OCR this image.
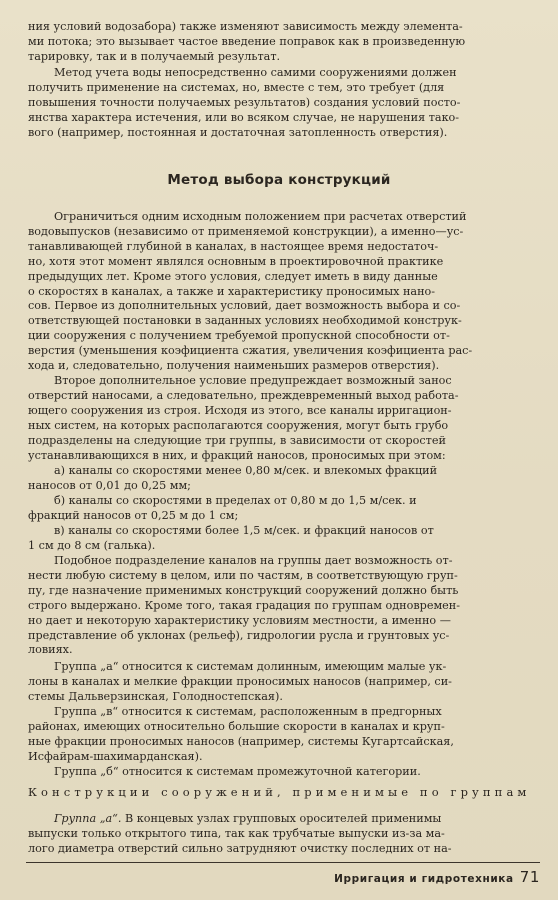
ния условий водозабора) также изменяют зависимость между элемента-

ми потока; это вызывает частое введение поправок как в произведенную

тарировку, так и в получаемый результат.

Метод учета воды непосредственно самими сооружениями должен

получить применение на системах, но, вместе с тем, это требует (для

повышения точности получаемых результатов) создания условий посто-

янства характера истечения, или во всяком случае, не нарушения тако-

вого (например, постоянная и достаточная затопленность отверстия).

Метод выбора конструкций

Ограничиться одним исходным положением при расчетах отверстий

водовыпусков (независимо от применяемой конструкции), а именно—ус-

танавливающей глубиной в каналах, в настоящее время недостаточ-

но, хотя этот момент являлся основным в проектировочной практике

предыдущих лет. Кроме этого условия, следует иметь в виду данные

о скоростях в каналах, а также и характеристику проносимых нано-

сов. Первое из дополнительных условий, дает возможность выбора и со-

ответствующей постановки в заданных условиях необходимой конструк-

ции сооружения с получением требуемой пропускной способности от-

верстия (уменьшения коэфициента сжатия, увеличения коэфициента рас-

хода и, следовательно, получения наименьших размеров отверстия).

Второе дополнительное условие предупреждает возможный занос

отверстий наносами, а следовательно, преждевременный выход работа-

ющего сооружения из строя. Исходя из этого, все каналы ирригацион-

ных систем, на которых располагаются сооружения, могут быть грубо

подразделены на следующие три группы, в зависимости от скоростей

устанавливающихся в них, и фракций наносов, проносимых при этом:

а) каналы со скоростями менее 0,80 м/сек. и влекомых фракций

наносов от 0,01 до 0,25 мм;

б) каналы со скоростями в пределах от 0,80 м до 1,5 м/сек. и

фракций наносов от 0,25 м до 1 см;

в) каналы со скоростями более 1,5 м/сек. и фракций наносов от

1 см до 8 см (галька).

Подобное подразделение каналов на группы дает возможность от-

нести любую систему в целом, или по частям, в соответствующую груп-

пу, где назначение применимых конструкций сооружений должно быть

строго выдержано. Кроме того, такая градация по группам одновремен-

но дает и некоторую характеристику условиям местности, а именно —

представление об уклонах (рельеф), гидрологии русла и грунтовых ус-

ловиях.

Группа „а“ относится к системам долинным, имеющим малые ук-

лоны в каналах и мелкие фракции проносимых наносов (например, си-

стемы Дальверзинская, Голодностепская).

Группа „в“ относится к системам, расположенным в предгорных

районах, имеющих относительно большие скорости в каналах и круп-

ные фракции проносимых наносов (например, системы Кугартсайская,

Исфайрам-шахимарданская).

Группа „б“ относится к системам промежуточной категории.

Конструкции сооружений, применимые по группам

Группа „а“. В концевых узлах групповых оросителей применимы

выпуски только открытого типа, так как трубчатые выпуски из-за ма-

лого диаметра отверстий сильно затрудняют очистку последних от на-

Ирригация и гидротехника 71
